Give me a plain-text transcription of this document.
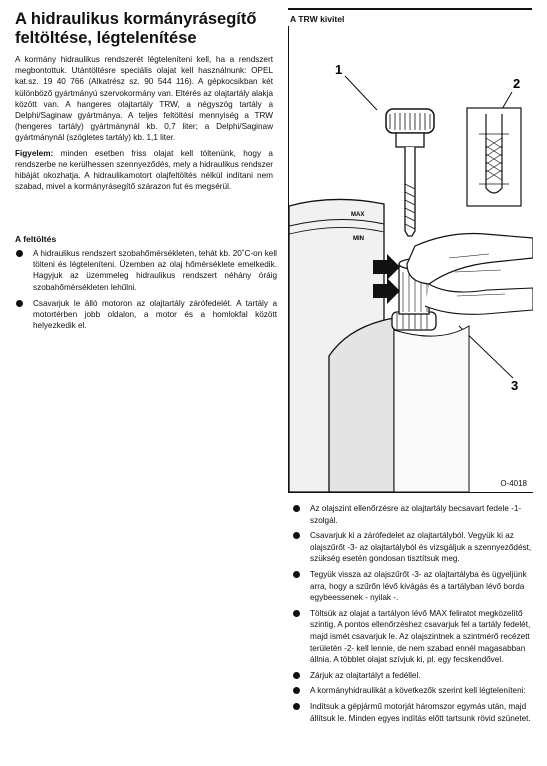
A hidraulikus kormányrásegítő feltöltése, légtelenítése

A kormány hidraulikus rendszerét légteleníteni kell, ha a rendszert megbontottuk. Utántöltésre speciális olajat kell használnunk: OPEL kat.sz. 19 40 766 (Alkatrész sz. 90 544 116). A gépkocsikban két különböző gyártmányú szervokormány van. Eltérés az olajtartály alakja között van. A hangeres olajtartály TRW, a négyszög tartály a Delphi/Saginaw gyártmánya. A teljes feltöltési mennyiség a TRW (hengeres tartály) gyártmánynál kb. 0,7 liter; a Delphi/Saginaw gyártmánynál (szögletes tartály) kb. 1,1 liter.

Figyelem: minden esetben friss olajat kell töltenünk, hogy a rendszerbe ne kerülhessen szennyeződés, mely a hidraulikus rendszer hibáját okozhatja. A hidraulikamotort olajfeltöltés nélkül indítani nem szabad, mivel a kormányrásegítő szárazon fut és megsérül.

A feltöltés
A hidraulikus rendszert szobahőmérsékleten, tehát kb. 20˚C-on kell tölteni és légteleníteni. Üzemben az olaj hőmérséklete emelkedik. Hagyjuk az üzemmeleg hidraulikus rendszert néhány óráig szobahőmérsékleten lehűlni.
Csavarjuk le álló motoron az olajtartály zárófedelét. A tartály a motortérben jobb oldalon, a motor és a homlokfal között helyezkedik el.
A TRW kivitel
1
2
3
MAX
MIN

O-4018

Az olajszint ellenőrzésre az olajtartály becsavart fedele -1- szolgál.
Csavarjuk ki a zárófedelet az olajtartályból. Vegyük ki az olajszűrőt -3- az olajtartályból és vizsgáljuk a szennyeződést, szükség esetén gondosan tisztítsuk meg.
Tegyük vissza az olajszűrőt -3- az olajtartályba és ügyeljünk arra, hogy a szűrőn lévő kivágás és a tartályban lévő borda egybeessenek - nyilak -.
Töltsük az olajat a tartályon lévő MAX feliratot megközelítő szintig. A pontos ellenőrzéshez csavarjuk fel a tartály fedelét, majd ismét csavarjuk le. Az olajszintnek a szintmérő recézett területén -2- kell lennie, de nem szabad ennél magasabban állnia. A többlet olajat szívjuk ki, pl. egy fecskendővel.
Zárjuk az olajtartályt a fedéllel.
A kormányhidraulikát a következők szerint kell légteleníteni:
Indítsuk a gépjármű motorját háromszor egymás után, majd állítsuk le. Minden egyes indítás előtt tartsunk rövid szünetet.
